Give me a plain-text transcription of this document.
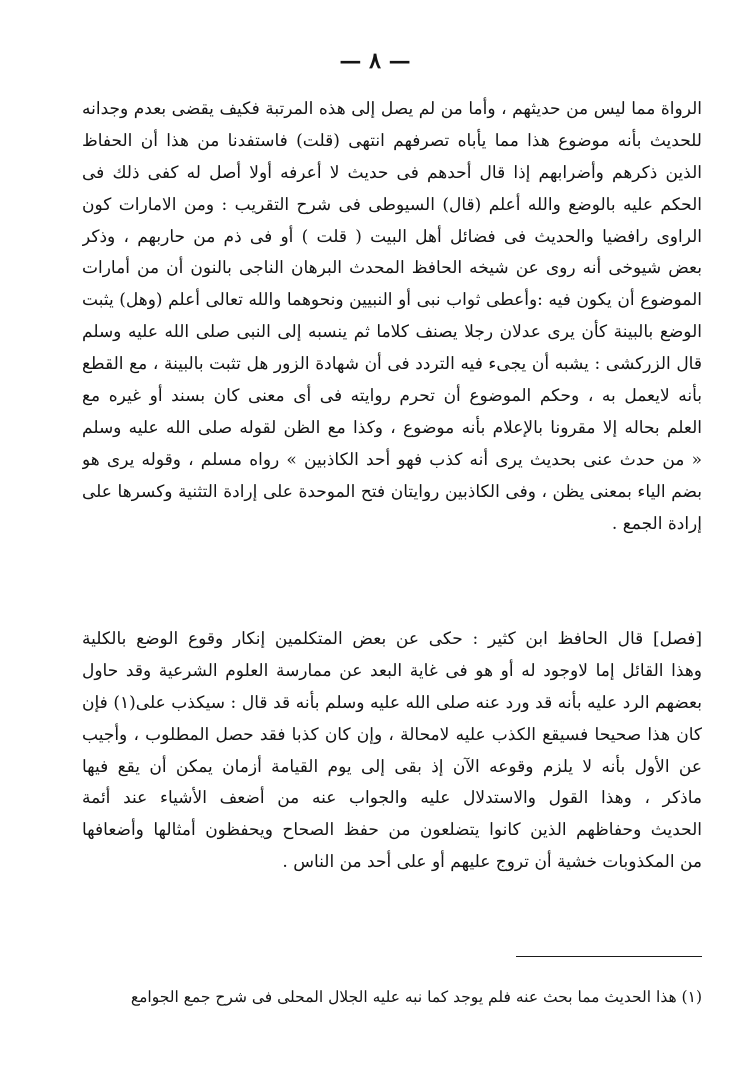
— ٨ —
الرواة مما ليس من حديثهم ، وأما من لم يصل إلى هذه المرتبة فكيف يقضى بعدم وجدانه
للحديث بأنه موضوع هذا مما يأباه تصرفهم انتهى (قلت) فاستفدنا من هذا أن الحفاظ
الذين ذكرهم وأضرابهم إذا قال أحدهم فى حديث لا أعرفه أولا أصل له كفى ذلك فى
الحكم عليه بالوضع والله أعلم (قال) السيوطى فى شرح التقريب : ومن الامارات كون
الراوى رافضيا والحديث فى فضائل أهل البيت ( قلت ) أو فى ذم من حاربهم ، وذكر
بعض شيوخى أنه روى عن شيخه الحافظ المحدث البرهان الناجى بالنون أن من أمارات
الموضوع أن يكون فيه :وأعطى ثواب نبى أو النبيين ونحوهما والله تعالى أعلم (وهل) يثبت
الوضع بالبينة كأن يرى عدلان رجلا يصنف كلاما ثم ينسبه إلى النبى صلى الله عليه وسلم
قال الزركشى : يشبه أن يجىء فيه التردد فى أن شهادة الزور هل تثبت بالبينة ، مع القطع
بأنه لايعمل به ، وحكم الموضوع أن تحرم روايته فى أى معنى كان بسند أو غيره مع
العلم بحاله إلا مقرونا بالإعلام بأنه موضوع ، وكذا مع الظن لقوله صلى الله عليه وسلم
« من حدث عنى بحديث يرى أنه كذب فهو أحد الكاذبين » رواه مسلم ، وقوله يرى هو
بضم الياء بمعنى يظن ، وفى الكاذبين روايتان فتح الموحدة على إرادة التثنية وكسرها على
إرادة الجمع .
[فصل] قال الحافظ ابن كثير : حكى عن بعض المتكلمين إنكار وقوع الوضع بالكلية
وهذا القائل إما لاوجود له أو هو فى غاية البعد عن ممارسة العلوم الشرعية وقد حاول
بعضهم الرد عليه بأنه قد ورد عنه صلى الله عليه وسلم بأنه قد قال : سيكذب على(١) فإن
كان هذا صحيحا فسيقع الكذب عليه لامحالة ، وإن كان كذبا فقد حصل المطلوب ، وأجيب
عن الأول بأنه لا يلزم وقوعه الآن إذ بقى إلى يوم القيامة أزمان يمكن أن يقع فيها
ماذكر ، وهذا القول والاستدلال عليه والجواب عنه من أضعف الأشياء عند أئمة
الحديث وحفاظهم الذين كانوا يتضلعون من حفظ الصحاح ويحفظون أمثالها وأضعافها
من المكذوبات خشية أن تروج عليهم أو على أحد من الناس .
(١) هذا الحديث مما بحث عنه فلم يوجد كما نبه عليه الجلال المحلى فى شرح جمع الجوامع
